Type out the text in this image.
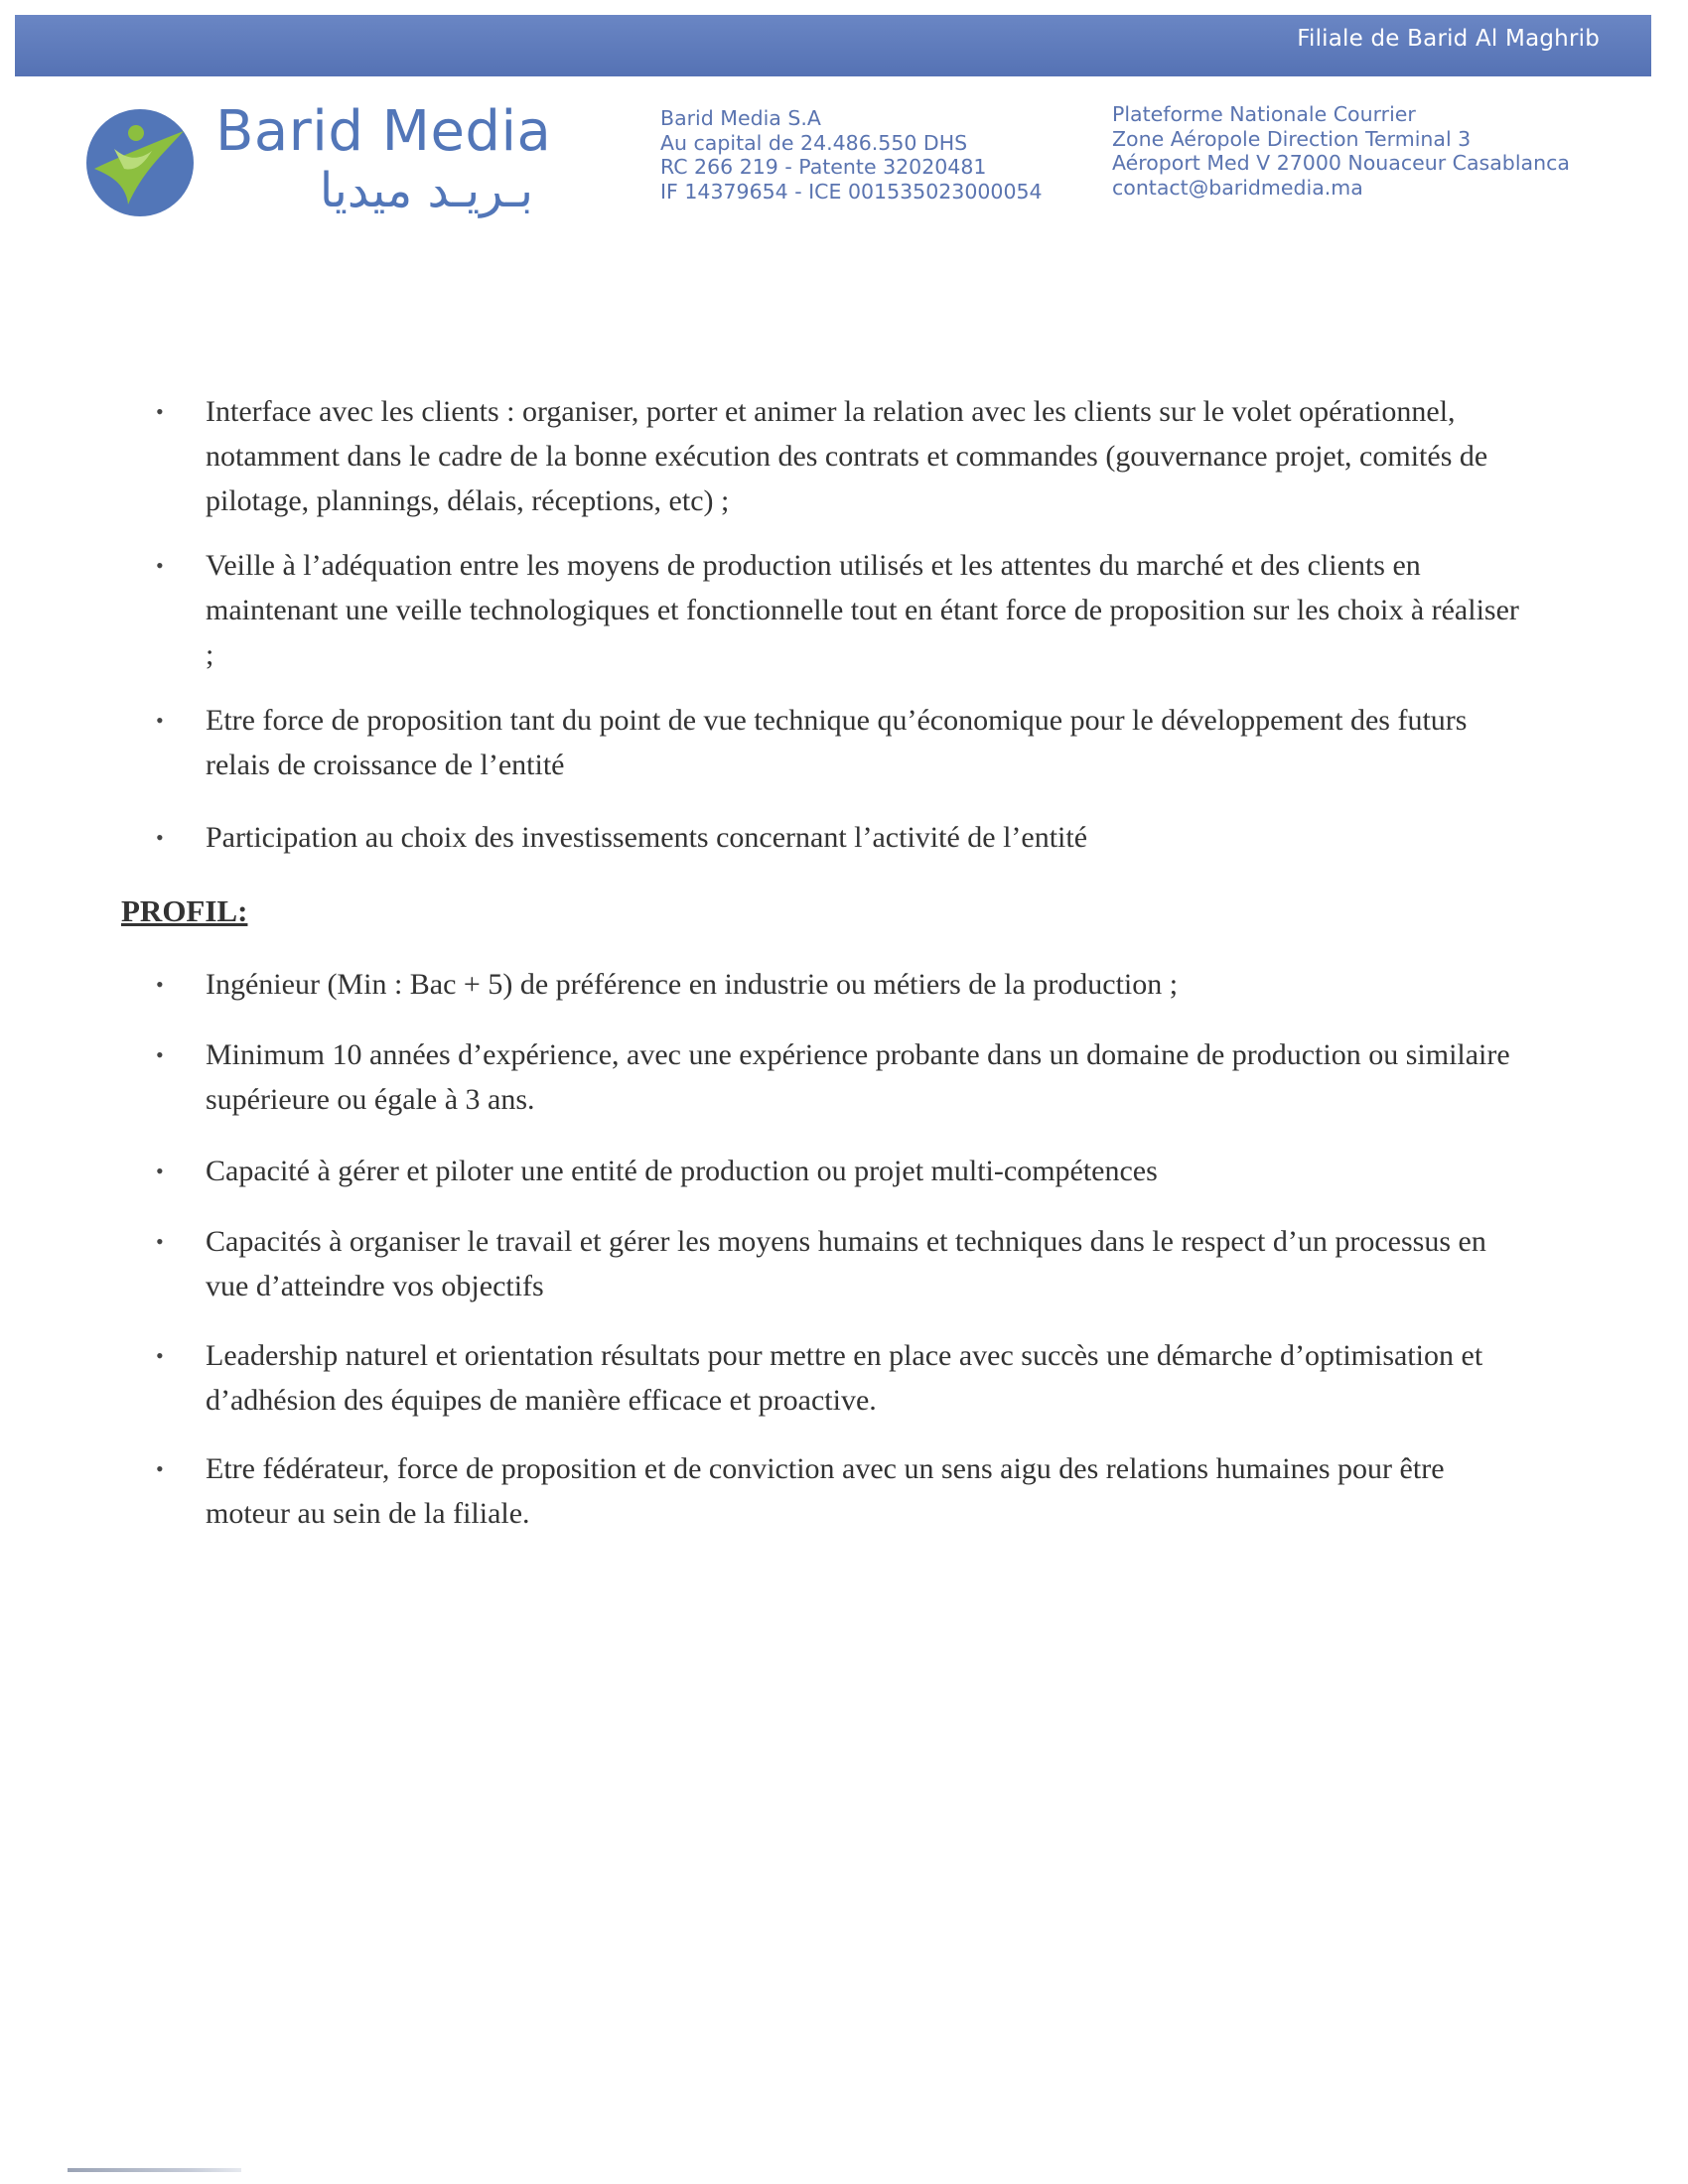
Filiale de Barid Al Maghrib
Barid Media
بـريـد ميديا
Barid Media S.A
Au capital de 24.486.550 DHS
RC 266 219 - Patente 32020481
IF 14379654 - ICE 001535023000054
Plateforme Nationale Courrier
Zone Aéropole Direction Terminal 3
Aéroport Med V 27000 Nouaceur Casablanca
contact@baridmedia.ma
•	Interface avec les clients : organiser, porter et animer la relation avec les clients sur le volet opérationnel, notamment dans le cadre de la bonne exécution des contrats et commandes (gouvernance projet, comités de pilotage, plannings, délais, réceptions, etc) ;
•	Veille à l’adéquation entre les moyens de production utilisés et les attentes du marché et des clients en maintenant une veille technologiques et fonctionnelle tout en étant force de proposition sur les choix à réaliser ;
•	Etre force de proposition tant du point de vue technique qu’économique pour le développement des futurs relais de croissance de l’entité
•	Participation au choix des investissements concernant l’activité de l’entité
PROFIL:
•	Ingénieur (Min : Bac + 5) de préférence en industrie ou métiers de la production ;
•	Minimum 10 années d’expérience, avec une expérience probante dans un domaine de production ou similaire supérieure ou égale à 3 ans.
•	Capacité à gérer et piloter une entité de production ou projet multi-compétences
•	Capacités à organiser le travail et gérer les moyens humains et techniques dans le respect d’un processus en vue d’atteindre vos objectifs
•	Leadership naturel et orientation résultats pour mettre en place avec succès une démarche d’optimisation et d’adhésion des équipes de manière efficace et proactive.
•	Etre fédérateur, force de proposition et de conviction avec un sens aigu des relations humaines pour être moteur au sein de la filiale.
